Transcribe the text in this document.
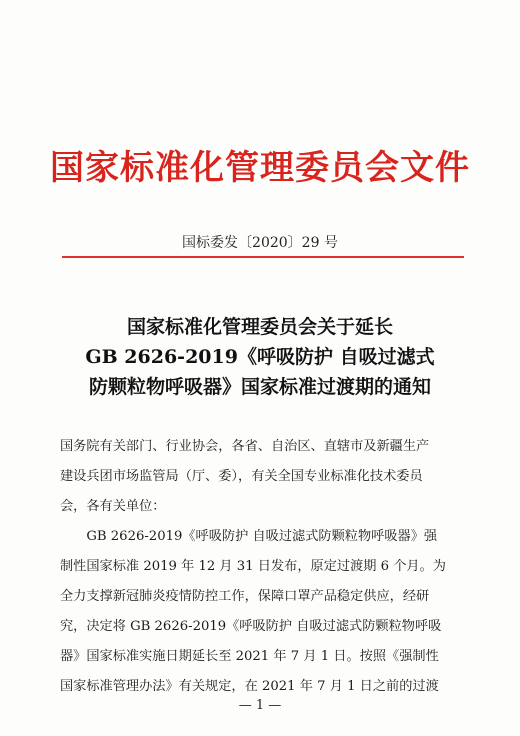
国家标准化管理委员会文件
国标委发〔2020〕29 号
国家标准化管理委员会关于延长
GB 2626-2019《呼吸防护 自吸过滤式
防颗粒物呼吸器》国家标准过渡期的通知

国务院有关部门、行业协会，各省、自治区、直辖市及新疆生产
建设兵团市场监管局（厅、委），有关全国专业标准化技术委员
会，各有关单位：

　　GB 2626-2019《呼吸防护 自吸过滤式防颗粒物呼吸器》强
制性国家标准 2019 年 12 月 31 日发布，原定过渡期 6 个月。为
全力支撑新冠肺炎疫情防控工作，保障口罩产品稳定供应，经研
究，决定将 GB 2626-2019《呼吸防护 自吸过滤式防颗粒物呼吸
器》国家标准实施日期延长至 2021 年 7 月 1 日。按照《强制性
国家标准管理办法》有关规定，在 2021 年 7 月 1 日之前的过渡

— 1 —
